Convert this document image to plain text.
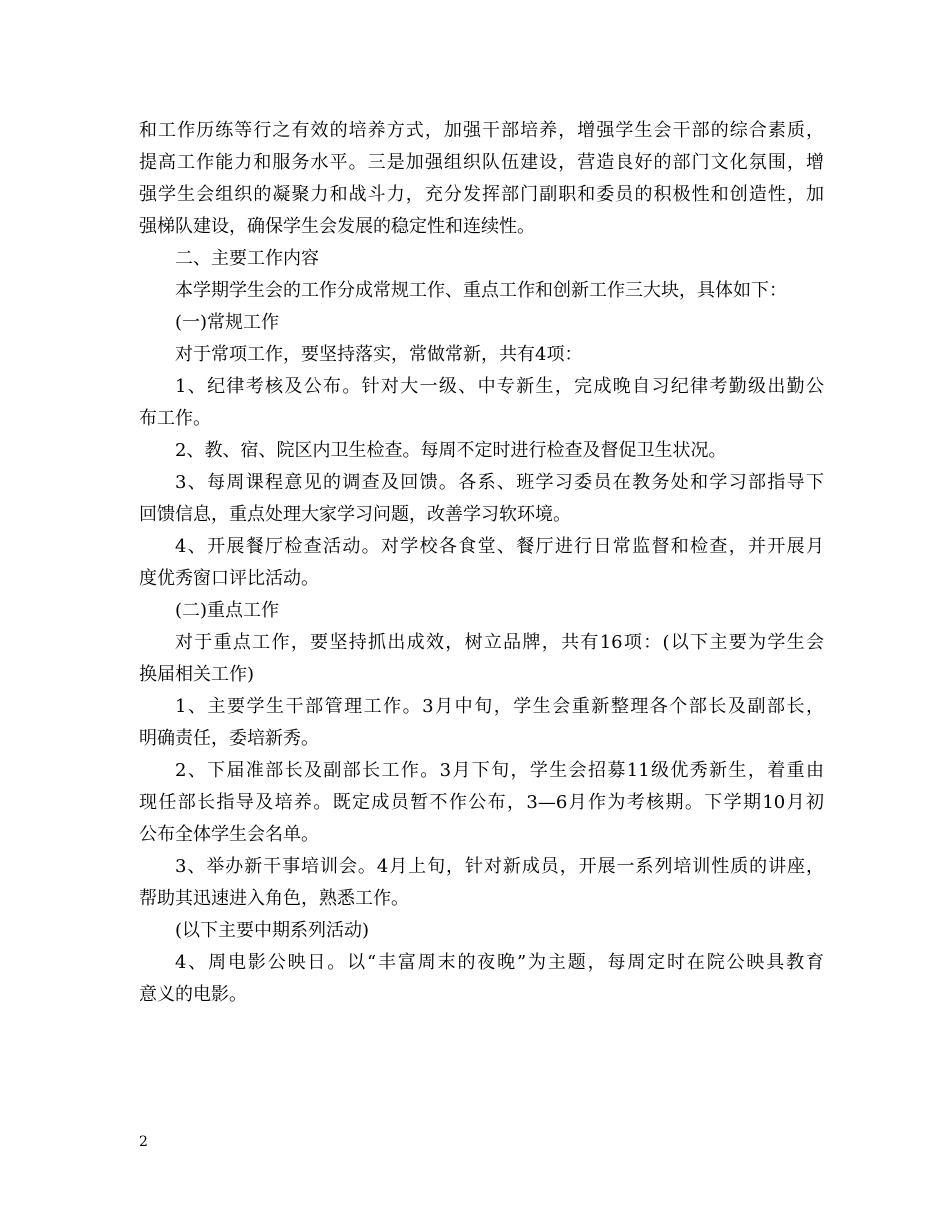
和工作历练等行之有效的培养方式，加强干部培养，增强学生会干部的综合素质，
提高工作能力和服务水平。三是加强组织队伍建设，营造良好的部门文化氛围，增
强学生会组织的凝聚力和战斗力，充分发挥部门副职和委员的积极性和创造性，加
强梯队建设，确保学生会发展的稳定性和连续性。
二、主要工作内容
本学期学生会的工作分成常规工作、重点工作和创新工作三大块，具体如下：
(一)常规工作
对于常项工作，要坚持落实，常做常新，共有4项：
1、纪律考核及公布。针对大一级、中专新生，完成晚自习纪律考勤级出勤公
布工作。
2、教、宿、院区内卫生检查。每周不定时进行检查及督促卫生状况。
3、每周课程意见的调查及回馈。各系、班学习委员在教务处和学习部指导下
回馈信息，重点处理大家学习问题，改善学习软环境。
4、开展餐厅检查活动。对学校各食堂、餐厅进行日常监督和检查，并开展月
度优秀窗口评比活动。
(二)重点工作
对于重点工作，要坚持抓出成效，树立品牌，共有16项：(以下主要为学生会
换届相关工作)
1、主要学生干部管理工作。3月中旬，学生会重新整理各个部长及副部长，
明确责任，委培新秀。
2、下届准部长及副部长工作。3月下旬，学生会招募11级优秀新生，着重由
现任部长指导及培养。既定成员暂不作公布，3—6月作为考核期。下学期10月初
公布全体学生会名单。
3、举办新干事培训会。4月上旬，针对新成员，开展一系列培训性质的讲座，
帮助其迅速进入角色，熟悉工作。
(以下主要中期系列活动)
4、周电影公映日。以“丰富周末的夜晚”为主题，每周定时在院公映具教育
意义的电影。
2
